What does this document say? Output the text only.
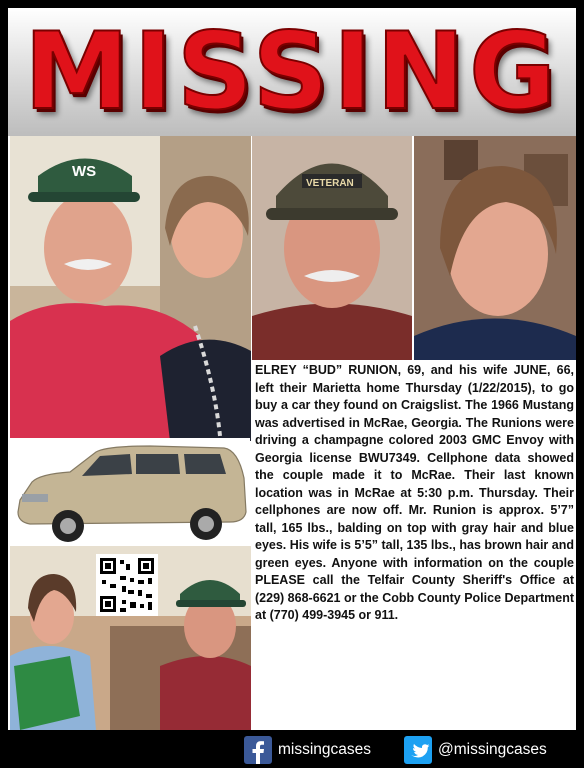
MISSING
WS
VETERAN
ELREY “BUD” RUNION, 69, and his wife JUNE, 66, left their Marietta home Thursday (1/22/2015), to go buy a car they found on Craigslist. The 1966 Mustang was advertised in McRae, Georgia. The Runions were driving a champagne colored 2003 GMC Envoy with Georgia license BWU7349. Cellphone data showed the couple made it to McRae. Their last known location was in McRae at 5:30 p.m. Thursday. Their cellphones are now off. Mr. Runion is approx. 5’7” tall, 165 lbs., balding on top with gray hair and blue eyes. His wife is 5’5” tall, 135 lbs., has brown hair and green eyes. Anyone with information on the couple PLEASE call the Telfair County Sheriff's Office at (229) 868-6621 or the Cobb County Police Department at (770) 499-3945 or 911.
missingcases	@missingcases
